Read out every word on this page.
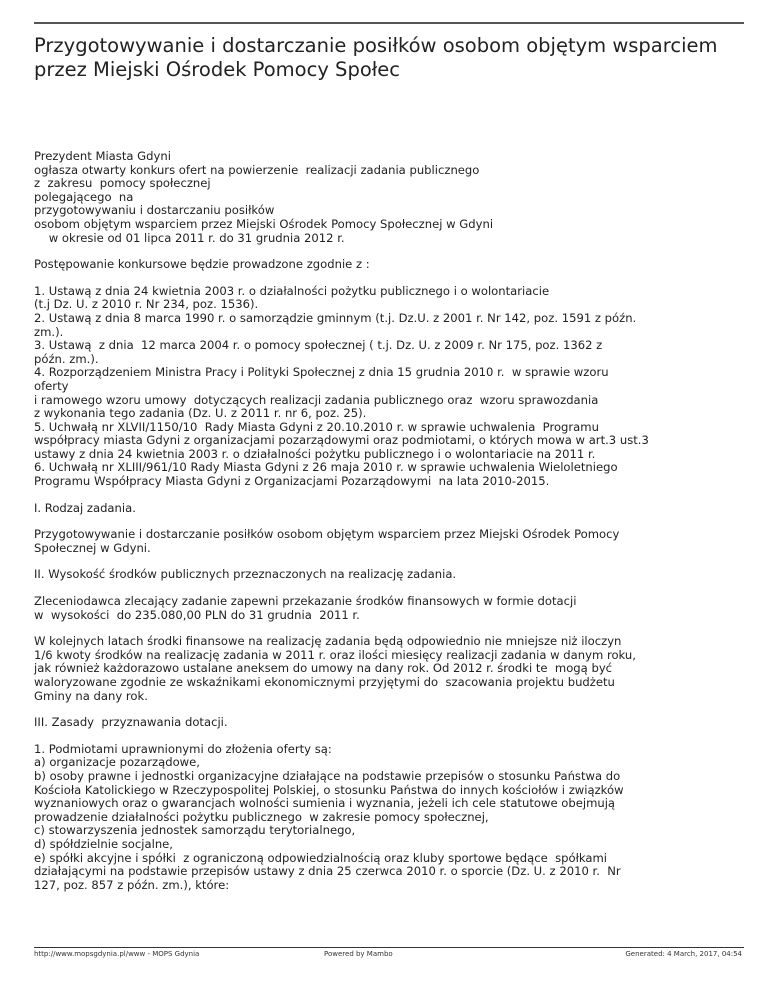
Przygotowywanie i dostarczanie posiłków osobom objętym wsparciem przez Miejski Ośrodek Pomocy Społec
Prezydent Miasta Gdyni
ogłasza otwarty konkurs ofert na powierzenie  realizacji zadania publicznego
z  zakresu  pomocy społecznej
polegającego  na
przygotowywaniu i dostarczaniu posiłków
osobom objętym wsparciem przez Miejski Ośrodek Pomocy Społecznej w Gdyni
w okresie od 01 lipca 2011 r. do 31 grudnia 2012 r.
Postępowanie konkursowe będzie prowadzone zgodnie z :
1. Ustawą z dnia 24 kwietnia 2003 r. o działalności pożytku publicznego i o wolontariacie
(t.j Dz. U. z 2010 r. Nr 234, poz. 1536).
2. Ustawą z dnia 8 marca 1990 r. o samorządzie gminnym (t.j. Dz.U. z 2001 r. Nr 142, poz. 1591 z późn.
zm.).
3. Ustawą  z dnia  12 marca 2004 r. o pomocy społecznej ( t.j. Dz. U. z 2009 r. Nr 175, poz. 1362 z
późn. zm.).
4. Rozporządzeniem Ministra Pracy i Polityki Społecznej z dnia 15 grudnia 2010 r.  w sprawie wzoru
oferty
i ramowego wzoru umowy  dotyczących realizacji zadania publicznego oraz  wzoru sprawozdania
z wykonania tego zadania (Dz. U. z 2011 r. nr 6, poz. 25).
5. Uchwałą nr XLVII/1150/10  Rady Miasta Gdyni z 20.10.2010 r. w sprawie uchwalenia  Programu
współpracy miasta Gdyni z organizacjami pozarządowymi oraz podmiotami, o których mowa w art.3 ust.3
ustawy z dnia 24 kwietnia 2003 r. o działalności pożytku publicznego i o wolontariacie na 2011 r.
6. Uchwałą nr XLIII/961/10 Rady Miasta Gdyni z 26 maja 2010 r. w sprawie uchwalenia Wieloletniego
Programu Współpracy Miasta Gdyni z Organizacjami Pozarządowymi  na lata 2010-2015.
I. Rodzaj zadania.
Przygotowywanie i dostarczanie posiłków osobom objętym wsparciem przez Miejski Ośrodek Pomocy
Społecznej w Gdyni.
II. Wysokość środków publicznych przeznaczonych na realizację zadania.
Zleceniodawca zlecający zadanie zapewni przekazanie środków finansowych w formie dotacji
w  wysokości  do 235.080,00 PLN do 31 grudnia  2011 r.
W kolejnych latach środki finansowe na realizację zadania będą odpowiednio nie mniejsze niż iloczyn
1/6 kwoty środków na realizację zadania w 2011 r. oraz ilości miesięcy realizacji zadania w danym roku,
jak również każdorazowo ustalane aneksem do umowy na dany rok. Od 2012 r. środki te  mogą być
waloryzowane zgodnie ze wskaźnikami ekonomicznymi przyjętymi do  szacowania projektu budżetu
Gminy na dany rok.
III. Zasady  przyznawania dotacji.
1. Podmiotami uprawnionymi do złożenia oferty są:
a) organizacje pozarządowe,
b) osoby prawne i jednostki organizacyjne działające na podstawie przepisów o stosunku Państwa do
Kościoła Katolickiego w Rzeczypospolitej Polskiej, o stosunku Państwa do innych kościołów i związków
wyznaniowych oraz o gwarancjach wolności sumienia i wyznania, jeżeli ich cele statutowe obejmują
prowadzenie działalności pożytku publicznego  w zakresie pomocy społecznej,
c) stowarzyszenia jednostek samorządu terytorialnego,
d) spółdzielnie socjalne,
e) spółki akcyjne i spółki  z ograniczoną odpowiedzialnością oraz kluby sportowe będące  spółkami
działającymi na podstawie przepisów ustawy z dnia 25 czerwca 2010 r. o sporcie (Dz. U. z 2010 r.  Nr
127, poz. 857 z późn. zm.), które:
http://www.mopsgdynia.pl/www - MOPS Gdynia	Powered by Mambo	Generated: 4 March, 2017, 04:54
